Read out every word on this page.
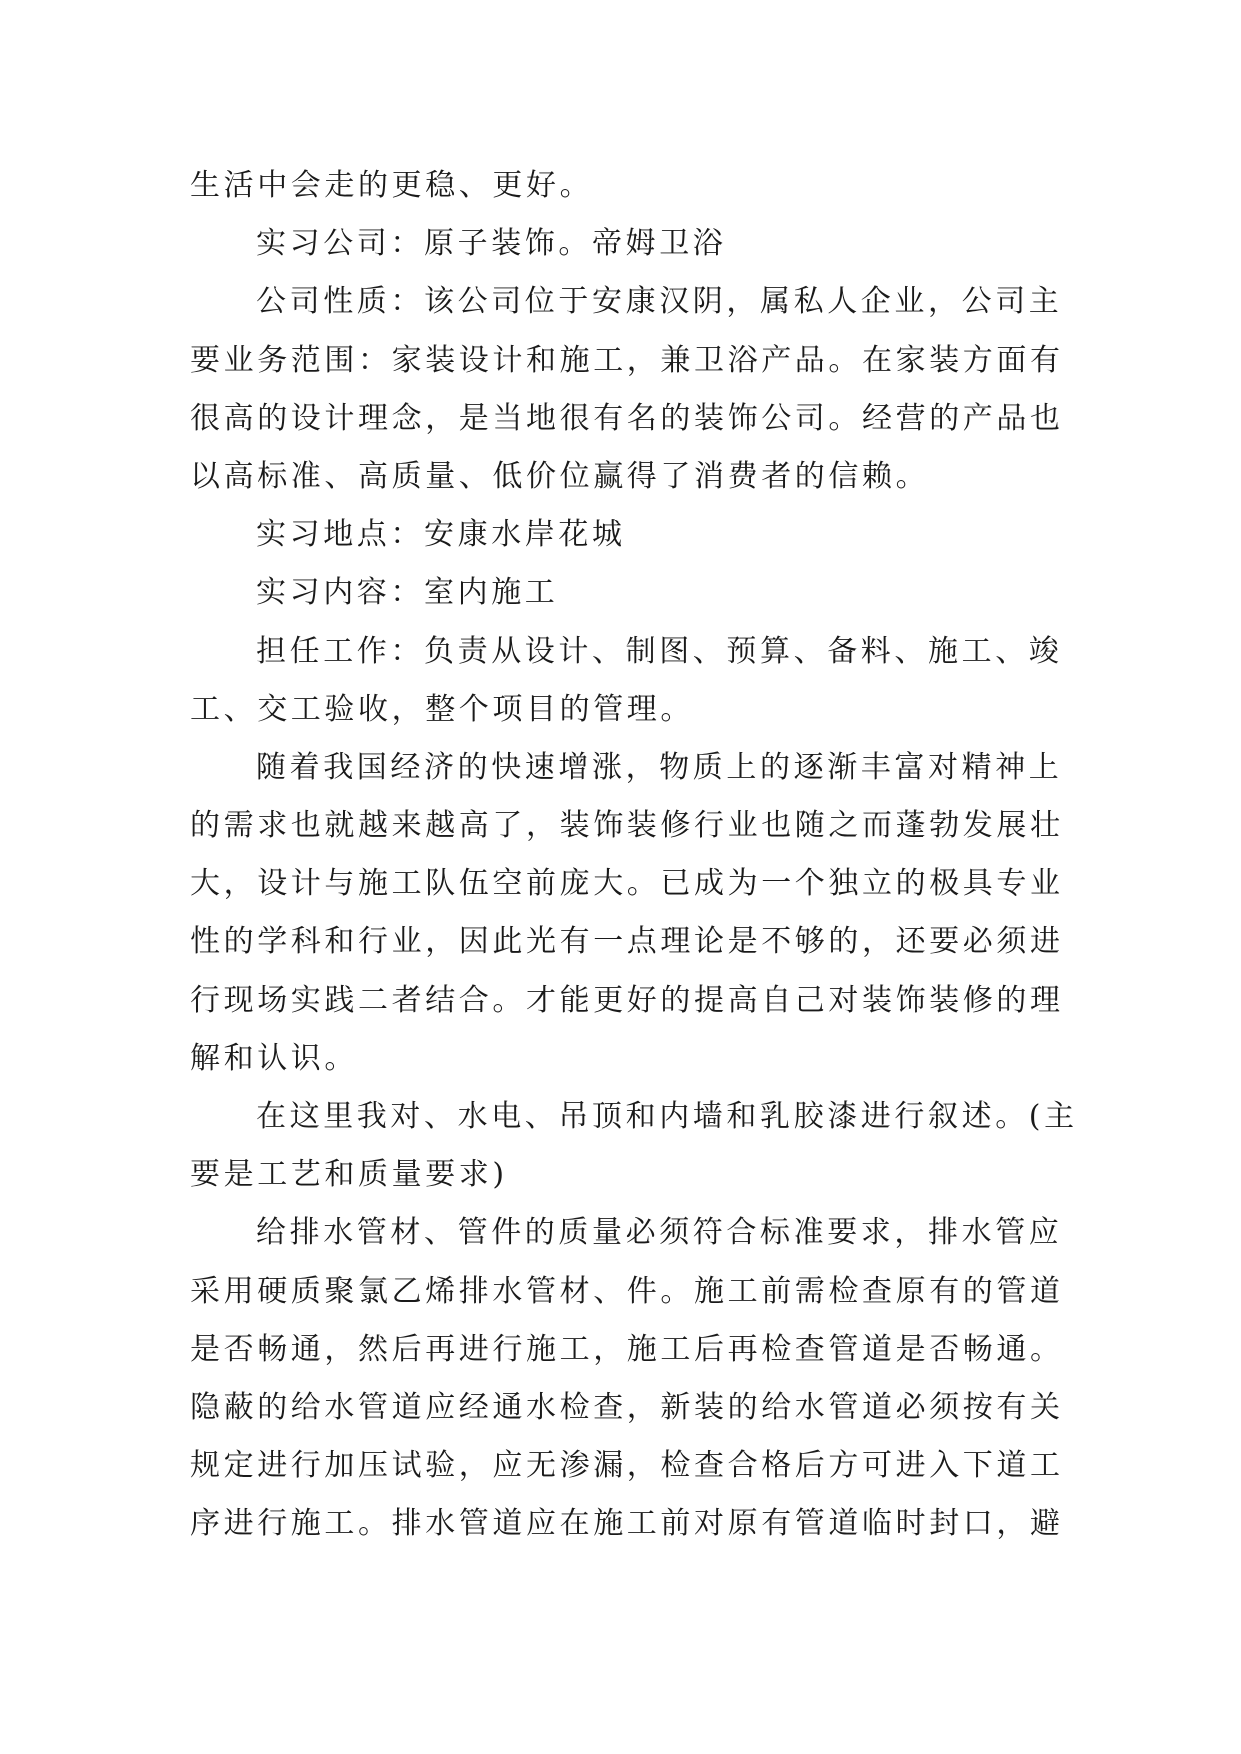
生活中会走的更稳、更好。
实习公司：原子装饰。帝姆卫浴
公司性质：该公司位于安康汉阴，属私人企业，公司主
要业务范围：家装设计和施工，兼卫浴产品。在家装方面有
很高的设计理念，是当地很有名的装饰公司。经营的产品也
以高标准、高质量、低价位赢得了消费者的信赖。
实习地点：安康水岸花城
实习内容：室内施工
担任工作：负责从设计、制图、预算、备料、施工、竣
工、交工验收，整个项目的管理。
随着我国经济的快速增涨，物质上的逐渐丰富对精神上
的需求也就越来越高了，装饰装修行业也随之而蓬勃发展壮
大，设计与施工队伍空前庞大。已成为一个独立的极具专业
性的学科和行业，因此光有一点理论是不够的，还要必须进
行现场实践二者结合。才能更好的提高自己对装饰装修的理
解和认识。
在这里我对、水电、吊顶和内墙和乳胶漆进行叙述。(主
要是工艺和质量要求)
给排水管材、管件的质量必须符合标准要求，排水管应
采用硬质聚氯乙烯排水管材、件。施工前需检查原有的管道
是否畅通，然后再进行施工，施工后再检查管道是否畅通。
隐蔽的给水管道应经通水检查，新装的给水管道必须按有关
规定进行加压试验，应无渗漏，检查合格后方可进入下道工
序进行施工。排水管道应在施工前对原有管道临时封口，避
